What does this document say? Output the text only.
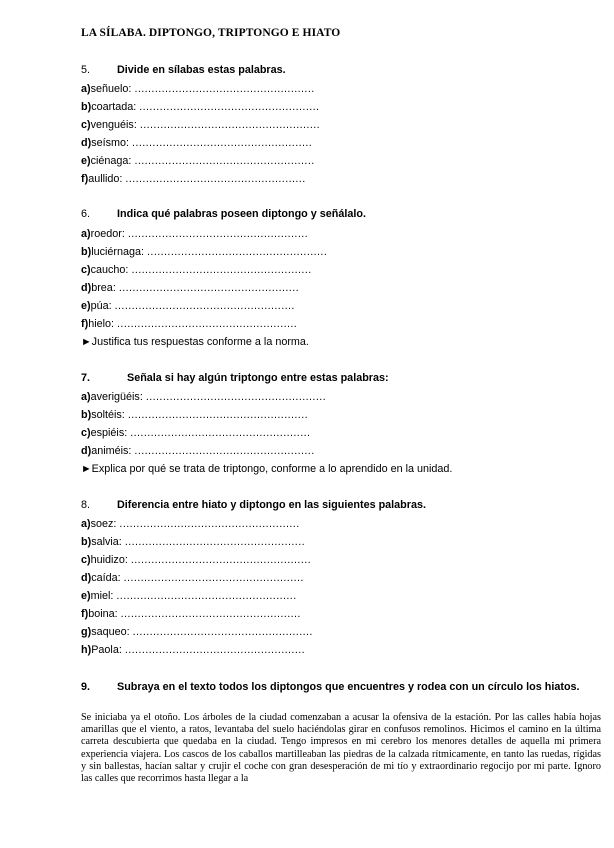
LA SÍLABA. DIPTONGO, TRIPTONGO E HIATO
5. Divide en sílabas estas palabras.
a)señuelo: .....................................................
b)coartada: .....................................................
c)venguéis: .....................................................
d)seísmo: .....................................................
e)ciénaga: .....................................................
f)aullido: .....................................................
6. Indica qué palabras poseen diptongo y señálalo.
a)roedor: .....................................................
b)luciérnaga: .....................................................
c)caucho: .....................................................
d)brea: .....................................................
e)púa: .....................................................
f)hielo: .....................................................
►Justifica tus respuestas conforme a la norma.
7.	Señala si hay algún triptongo entre estas palabras:
a)averigüéis: .....................................................
b)soltéis: .....................................................
c)espiéis: .....................................................
d)animéis: .....................................................
►Explica por qué se trata de triptongo, conforme a lo aprendido en la unidad.
8. Diferencia entre hiato y diptongo en las siguientes palabras.
a)soez: .....................................................
b)salvia: .....................................................
c)huidizo: .....................................................
d)caída: .....................................................
e)miel: .....................................................
f)boina: .....................................................
g)saqueo: .....................................................
h)Paola: .....................................................
9. Subraya en el texto todos los diptongos que encuentres y rodea con un círculo los hiatos.
Se iniciaba ya el otoño. Los árboles de la ciudad comenzaban a acusar la ofensiva de la estación. Por las calles había hojas amarillas que el viento, a ratos, levantaba del suelo haciéndolas girar en confusos remolinos. Hicimos el camino en la última carreta descubierta que quedaba en la ciudad. Tengo impresos en mi cerebro los menores detalles de aquella mi primera experiencia viajera. Los cascos de los caballos martilleaban las piedras de la calzada rítmicamente, en tanto las ruedas, rígidas y sin ballestas, hacían saltar y crujir el coche con gran desesperación de mi tío y extraordinario regocijo por mi parte. Ignoro las calles que recorrimos hasta llegar a la
